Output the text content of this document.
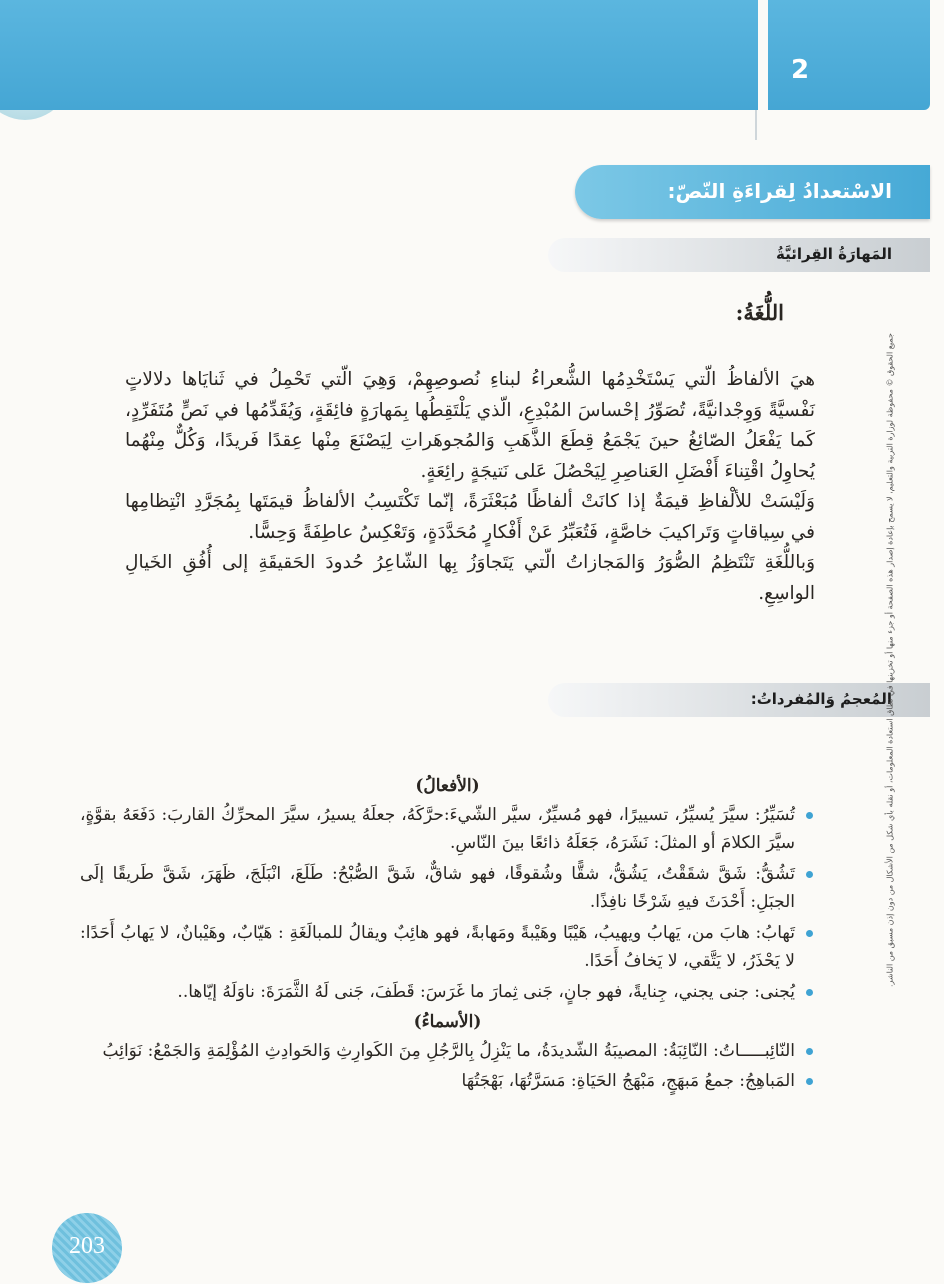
2
الاسْتعدادُ لِقراءَةِ النّصّ:
المَهارَةُ القِرائيَّةُ
اللُّغَةُ:

هيَ الألفاظُ الّتي يَسْتَخْدِمُها الشُّعراءُ لبناءِ نُصوصِهِمْ، وَهِيَ الّتي تَحْمِلُ في ثَنايَاها دلالاتٍ نَفْسيَّةً وَوِجْدانيَّةً، تُصَوِّرُ إحْساسَ المُبْدِعِ، الّذي يَلْتَقِطُها بِمَهارَةٍ فائِقَةٍ، وَيُقَدِّمُها في نَصٍّ مُتَفَرِّدٍ، كَما يَفْعَلُ الصّائِغُ حينَ يَجْمَعُ قِطَعَ الذَّهَبِ وَالمُجوهَراتِ لِيَصْنَعَ مِنْها عِقدًا فَريدًا، وَكُلٌّ مِنْهُما يُحاوِلُ اقْتِناءَ أَفْضَلِ العَناصِرِ لِيَحْصُلَ عَلى نَتيجَةٍ رائِعَةٍ.

وَلَيْسَتْ للألْفاظِ قيمَةٌ إذا كانَتْ ألفاظًا مُبَعْثَرَةً، إنّما تَكْتَسِبُ الألفاظُ قيمَتَها بِمُجَرَّدِ انْتِظامِها في سِياقاتٍ وَتَراكيبَ خاصَّةٍ، فَتُعَبِّرُ عَنْ أَفْكارٍ مُحَدَّدَةٍ، وَتَعْكِسُ عاطِفَةً وَحِسًّا.

وَباللُّغَةِ تَنْتَظِمُ الصُّوَرُ وَالمَجازاتُ الّتي يَتَجاوَزُ بِها الشّاعِرُ حُدودَ الحَقيقَةِ إلى أُفُقِ الخَيالِ الواسِعِ.

المُعجمُ وَالمُفرداتُ:
جميع الحقوق © محفوظة لوزارة التربية والتعليم، لا يسمح بإعادة إصدار هذه الصفحة أو جزء منها أو تخزينها في نطاق استعادة المعلومات، أو نقله بأي شكل من الأشكال من دون إذن مسبق من الناشر.

(الأفعالُ)

تُسَيِّرُ: سيَّرَ يُسيِّرُ، تسييرًا، فهو مُسيِّرٌ، سيَّر الشّيءَ:حرَّكَهُ، جعلَهُ يسيرُ، سيَّرَ المحرِّكُ القاربَ: دَفَعَهُ بقوَّةٍ، سيَّرَ الكلامَ أو المثلَ: نَشَرَهُ، جَعَلَهُ ذائعًا بينَ النّاسِ.
تَشُقُّ: شَقَّ شقَقْتُ، يَشُقُّ، شقًّا وشُقوقًا، فهو شاقٌّ، شَقَّ الصُّبْحُ: طَلَعَ، انْبَلَجَ، ظَهَرَ، شَقَّ طَريقًا إلَى الجبَلِ: أَحْدَثَ فيهِ شَرْخًا نافِذًا.
تَهابُ: هابَ من، يَهابُ ويهيبُ، هَيْبًا وهَيْبةً ومَهابةً، فهو هائِبٌ ويقالُ للمبالَغَةِ : هَيّابٌ، وهَيْبانٌ، لا يَهابُ أَحَدًا: لا يَحْذَرُ، لا يَتَّقي، لا يَخافُ أَحَدًا.
يُجنى: جنى يجني، جِنايةً، فهو جانٍ، جَنى ثِمارَ ما غَرَسَ: قَطَفَ، جَنى لَهُ الثَّمَرَةَ: ناوَلَهُ إيّاها..

(الأسماءُ)

النّائِبـــــاتُ: النّائِبَةُ: المصيبَةُ الشّديدَةُ، ما يَنْزِلُ بِالرَّجُلِ مِنَ الكَوارِثِ وَالحَوادِثِ المُؤْلِمَةِ وَالجَمْعُ: نَوَائِبُ
المَباهِجُ: جمعُ مَبهَجٍ، مَبْهَجُ الحَيَاةِ: مَسَرَّتُهَا، بَهْجَتُهَا
203
